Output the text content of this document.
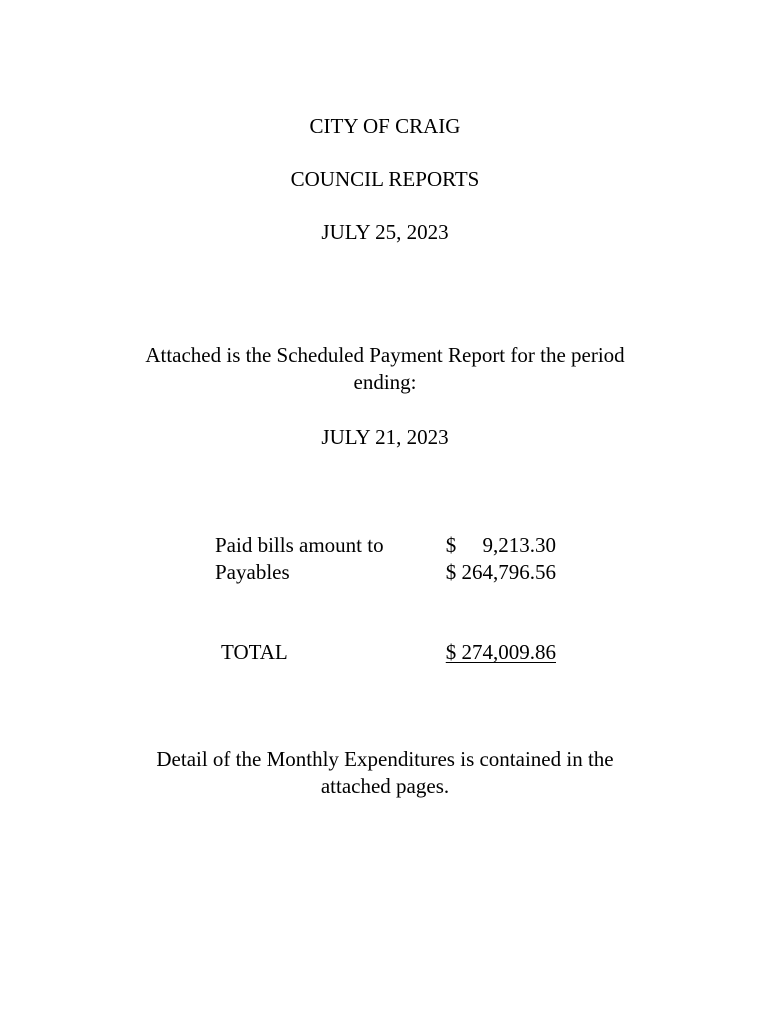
CITY OF CRAIG
COUNCIL REPORTS
JULY 25, 2023
Attached is the Scheduled Payment Report for the period ending:
JULY 21, 2023
Paid bills amount to	$     9,213.30
Payables	$ 264,796.56
TOTAL	$ 274,009.86
Detail of the Monthly Expenditures is contained in the attached pages.
